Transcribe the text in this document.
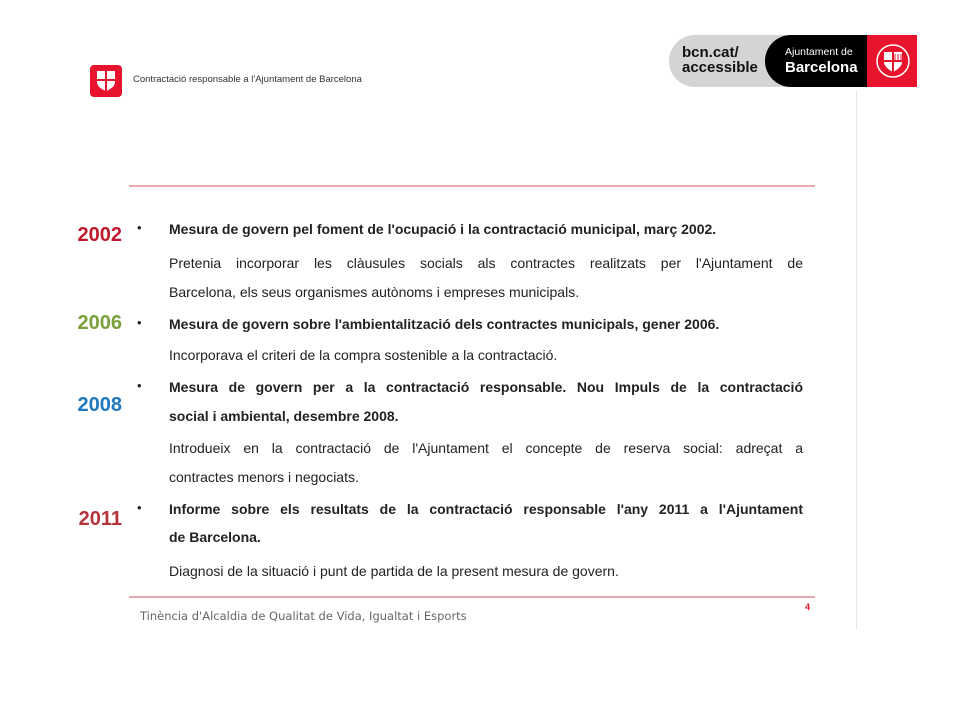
Contractació responsable a l'Ajuntament de Barcelona
bcn.cat/
accessible
Ajuntament de
Barcelona
2002 • Mesura de govern pel foment de l'ocupació i la contractació municipal, març 2002.
Pretenia incorporar les clàusules socials als contractes realitzats per l'Ajuntament de
Barcelona, els seus organismes autònoms i empreses municipals.
2006 • Mesura de govern sobre l'ambientalització dels contractes municipals, gener 2006.
Incorporava el criteri de la compra sostenible a la contractació.
2008
• Mesura de govern per a la contractació responsable. Nou Impuls de la contractació
social i ambiental, desembre 2008.
Introdueix en la contractació de l'Ajuntament el concepte de reserva social: adreçat a
contractes menors i negociats.
2011
• Informe sobre els resultats de la contractació responsable l'any 2011 a l'Ajuntament
de Barcelona.
Diagnosi de la situació i punt de partida de la present mesura de govern.
4
Tinència d'Alcaldia de Qualitat de Vida, Igualtat i Esports
